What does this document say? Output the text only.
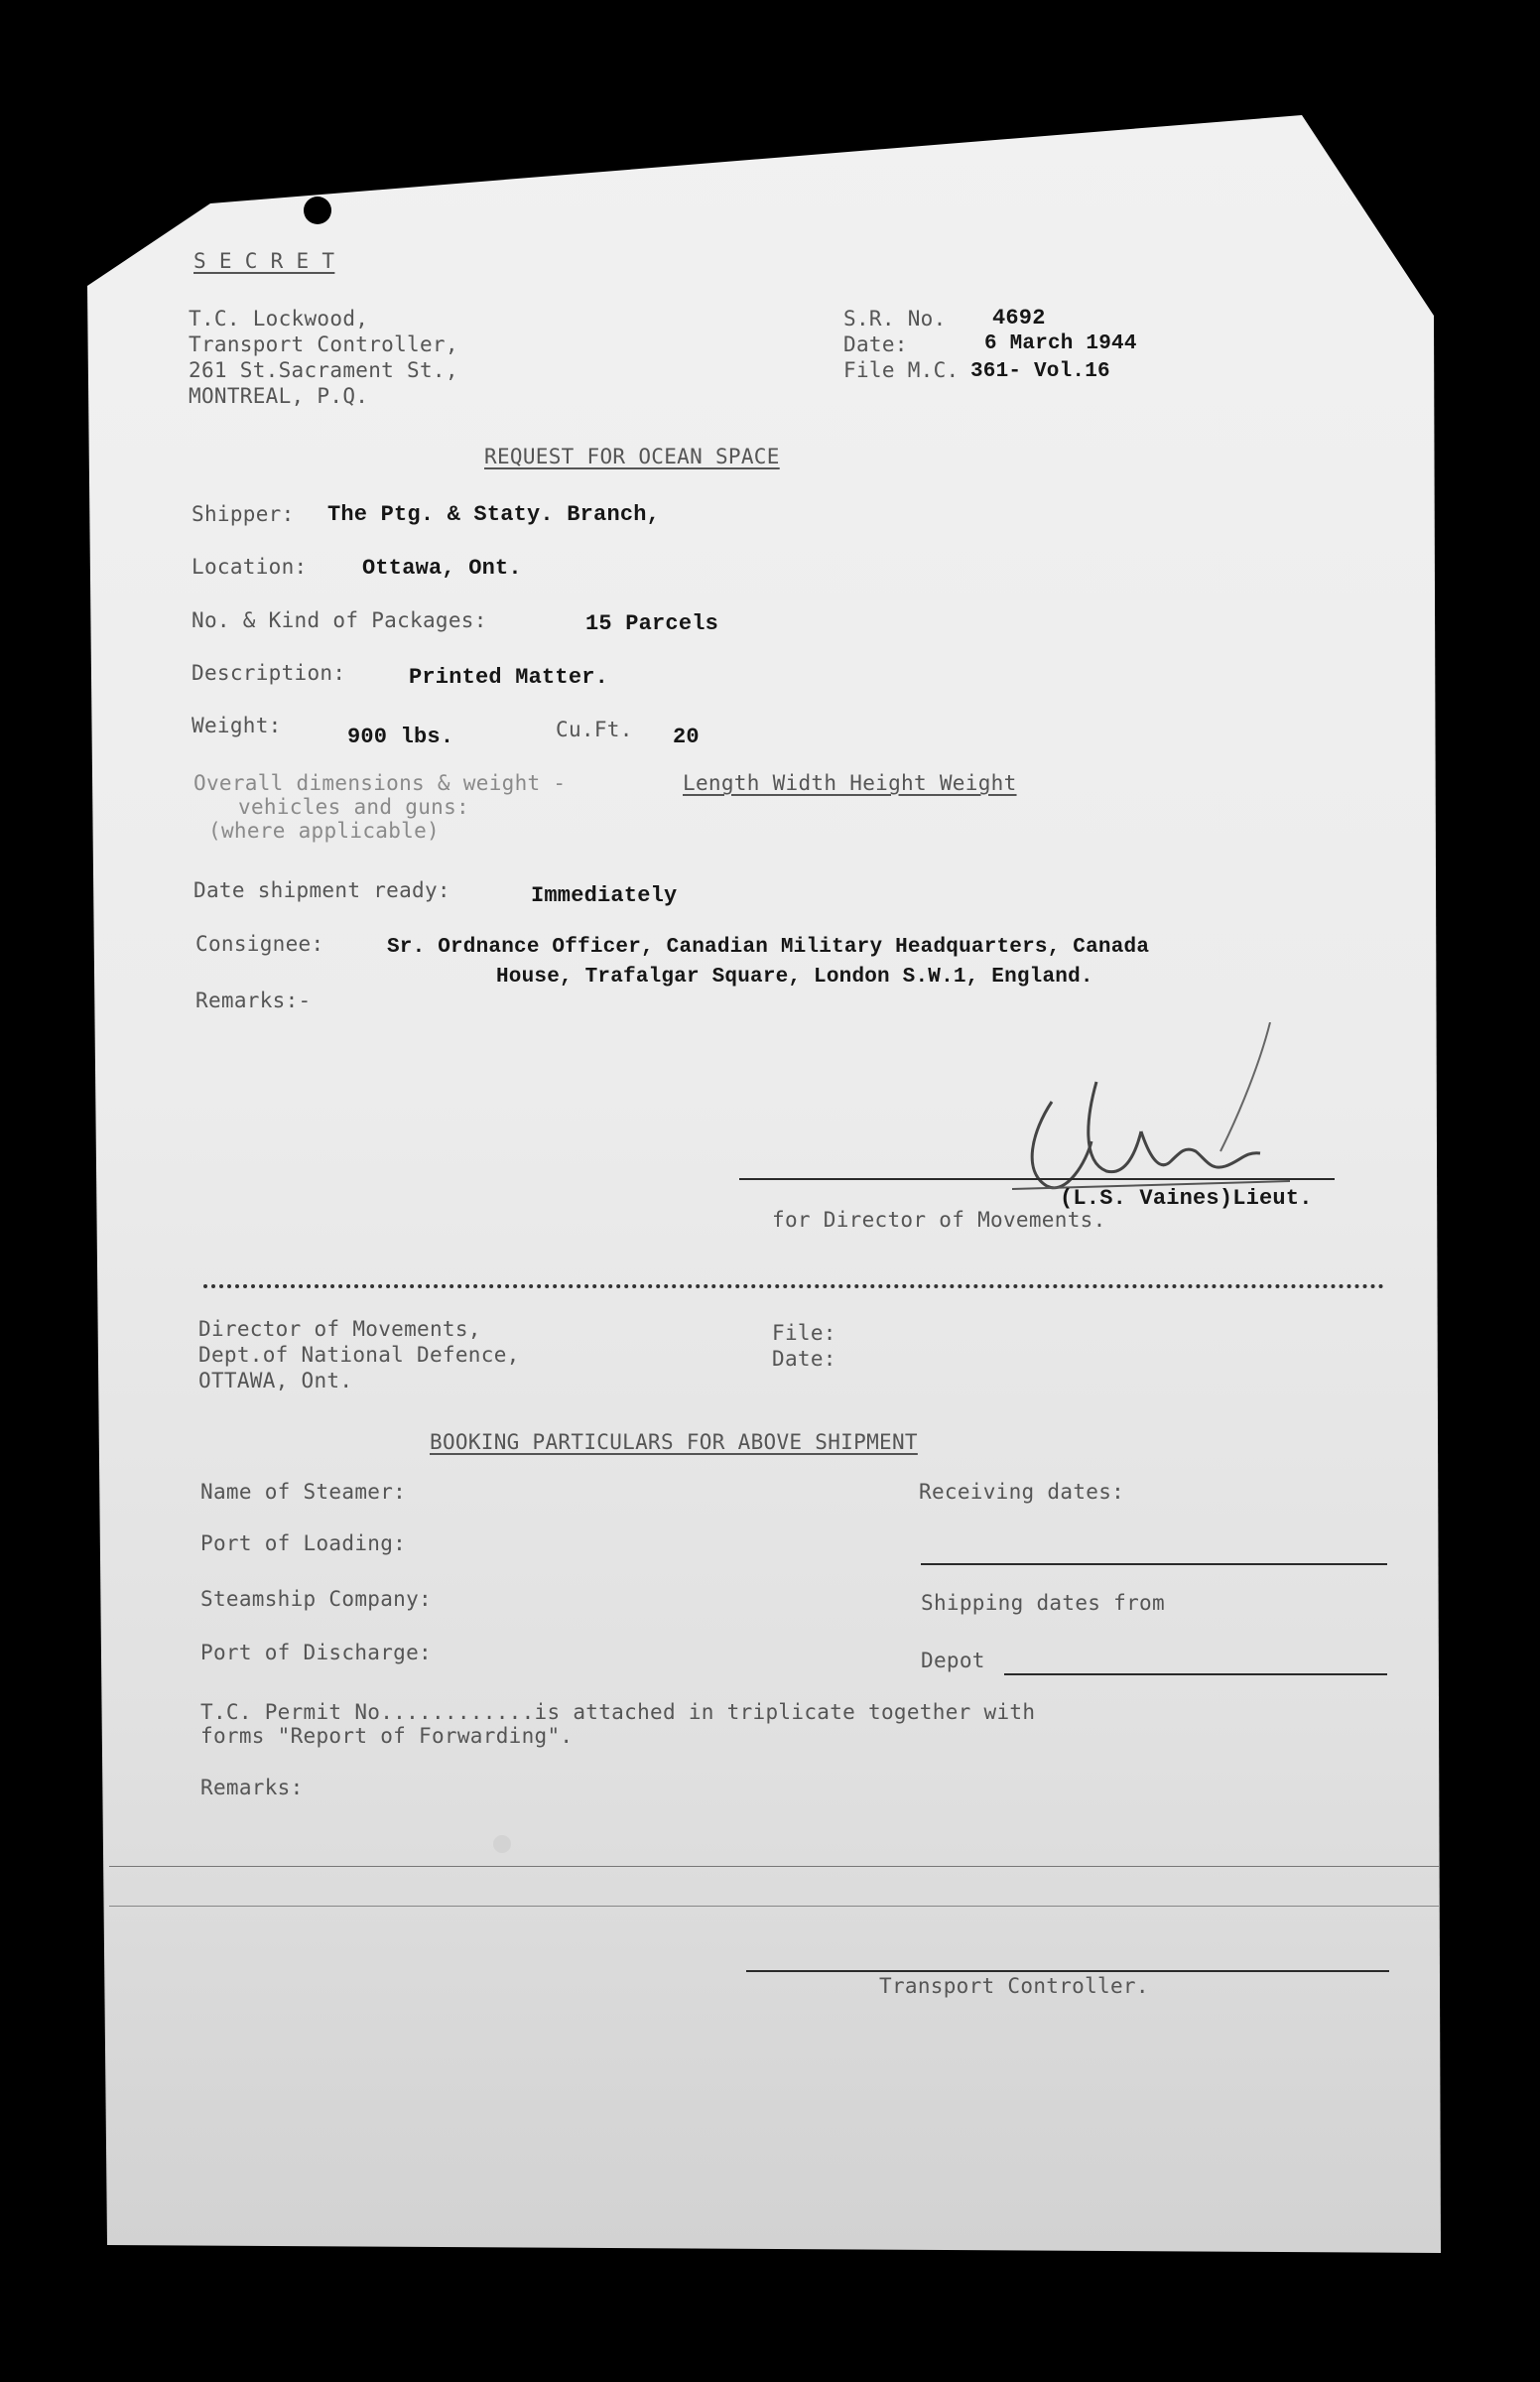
S E C R E T
T.C. Lockwood,
Transport Controller,
261 St.Sacrament St.,
MONTREAL, P.Q.
S.R. No. 4692
Date:	6 March 1944
File M.C. 361- Vol.16
REQUEST FOR OCEAN SPACE
Shipper: The Ptg. & Staty. Branch,
Location:	Ottawa, Ont.
No. & Kind of Packages:	15 Parcels
Description:	Printed Matter.
Weight:	900 lbs.	Cu.Ft. 20
Overall dimensions & weight -	Length Width Height Weight
vehicles and guns:
(where applicable)
Date shipment ready:	Immediately
Consignee:	Sr. Ordnance Officer, Canadian Military Headquarters, Canada
House, Trafalgar Square, London S.W.1, England.
Remarks:-
(L.S. Vaines)Lieut.
for Director of Movements.
Director of Movements,
Dept.of National Defence,
OTTAWA, Ont.
File:
Date:
BOOKING PARTICULARS FOR ABOVE SHIPMENT
Name of Steamer:	Receiving dates:
Port of Loading:
Steamship Company:	Shipping dates from
Port of Discharge:	Depot
T.C. Permit No............is attached in triplicate together with
forms "Report of Forwarding".
Remarks:
Transport Controller.
